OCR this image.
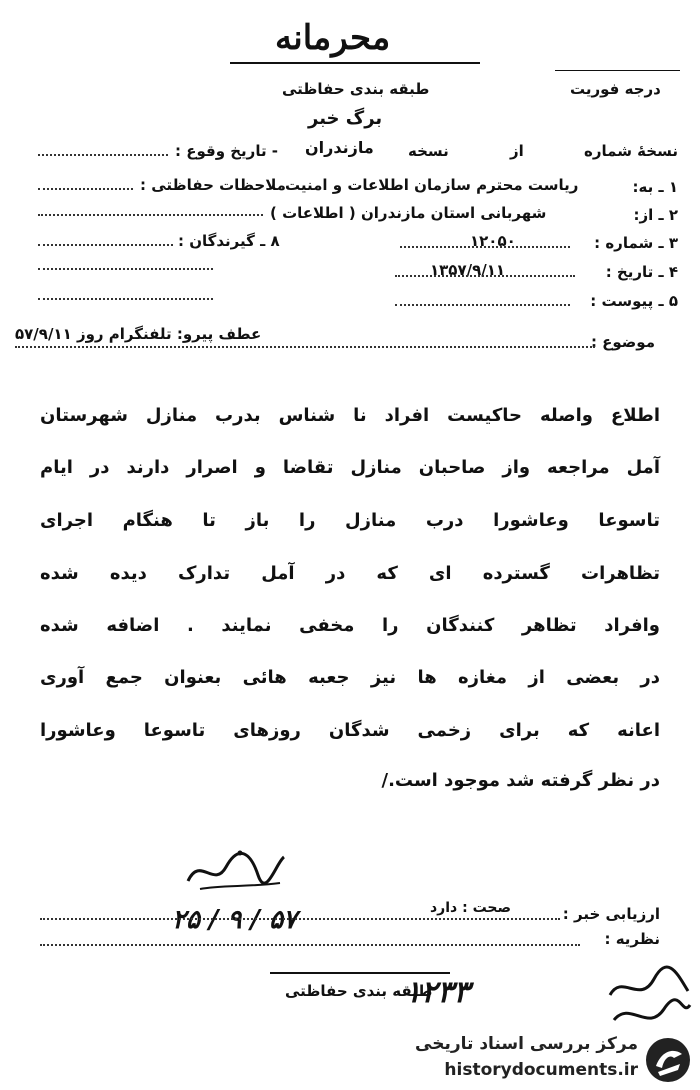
محرمانه
طبقه بندی حفاظتی	درجه فوریت
برگ خبر
نسخهٔ شماره
از
نسخه
- تاریخ وقوع : مازندران
۱ ـ به:
ریاست محترم سازمان اطلاعات و امنیت
ملاحظات حفاظتی :
۲ ـ از:
شهربانی استان مازندران ( اطلاعات )
۳ ـ شماره :
۱۲۰۵۰
۸ ـ گیرندگان :
۴ ـ تاریخ :
۱۳۵۷/۹/۱۱
۵ ـ پیوست :
موضوع :
عطف پیرو: تلفنگرام روز ۵۷/۹/۱۱
اطلاع واصله حاکیست افراد نا شناس بدرب منازل شهرستان
آمل مراجعه واز صاحبان منازل تقاضا و اصرار دارند در ایام
تاسوعا وعاشورا درب منازل را باز تا هنگام اجرای
تظاهرات گسترده ای که در آمل تدارک دیده شده
وافراد تظاهر کنندگان را مخفی نمایند . اضافه شده
در بعضی از مغازه ها نیز جعبه هائی بعنوان جمع آوری
اعانه که برای زخمی شدگان روزهای تاسوعا وعاشورا
در نظر گرفته شد موجود است./
۲۵ / ۹ / ۵۷	ارزیابی خبر :
صحت : دارد
نظریه :
طبقه بندی حفاظتی
۱۲۳۳
مرکز بررسی اسناد تاریخی
historydocuments.ir
